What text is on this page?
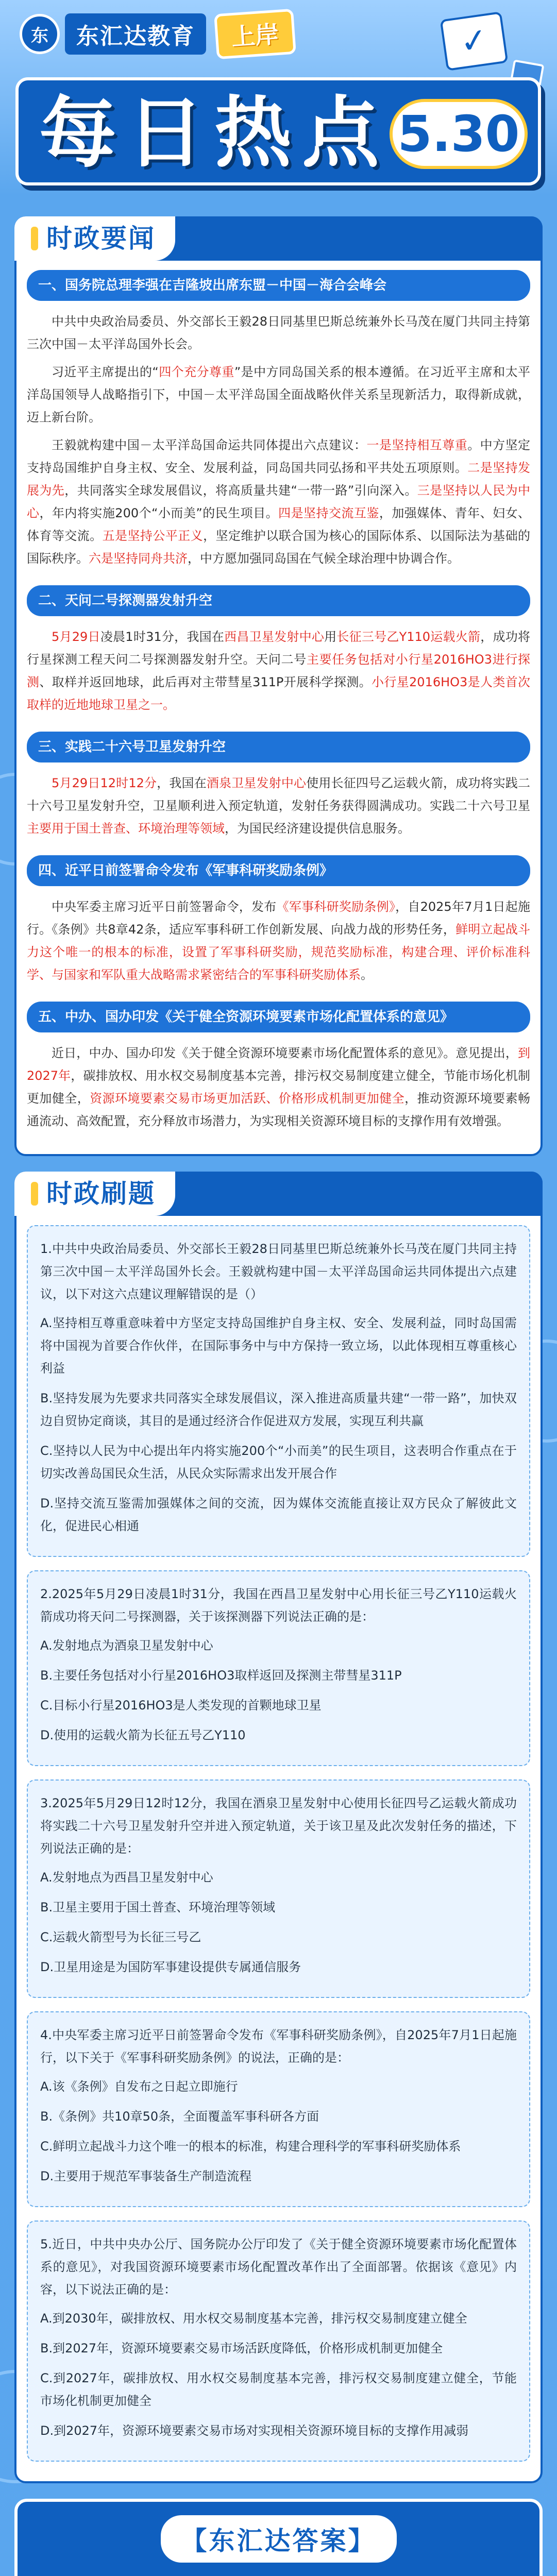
东	东汇达教育	上岸	✓
每日热点 5.30
时政要闻
一、国务院总理李强在吉隆坡出席东盟－中国－海合会峰会
中共中央政治局委员、外交部长王毅28日同基里巴斯总统兼外长马茂在厦门共同主持第三次中国－太平洋岛国外长会。
习近平主席提出的“四个充分尊重”是中方同岛国关系的根本遵循。在习近平主席和太平洋岛国领导人战略指引下，中国－太平洋岛国全面战略伙伴关系呈现新活力，取得新成就，迈上新台阶。
王毅就构建中国－太平洋岛国命运共同体提出六点建议：一是坚持相互尊重。中方坚定支持岛国维护自身主权、安全、发展利益，同岛国共同弘扬和平共处五项原则。二是坚持发展为先，共同落实全球发展倡议，将高质量共建“一带一路”引向深入。三是坚持以人民为中心，年内将实施200个“小而美”的民生项目。四是坚持交流互鉴，加强媒体、青年、妇女、体育等交流。五是坚持公平正义，坚定维护以联合国为核心的国际体系、以国际法为基础的国际秩序。六是坚持同舟共济，中方愿加强同岛国在气候全球治理中协调合作。
二、天问二号探测器发射升空
5月29日凌晨1时31分，我国在西昌卫星发射中心用长征三号乙Y110运载火箭，成功将行星探测工程天问二号探测器发射升空。天问二号主要任务包括对小行星2016HO3进行探测、取样并返回地球，此后再对主带彗星311P开展科学探测。小行星2016HO3是人类首次取样的近地地球卫星之一。
三、实践二十六号卫星发射升空
5月29日12时12分，我国在酒泉卫星发射中心使用长征四号乙运载火箭，成功将实践二十六号卫星发射升空，卫星顺利进入预定轨道，发射任务获得圆满成功。实践二十六号卫星主要用于国土普查、环境治理等领域，为国民经济建设提供信息服务。
四、近平日前签署命令发布《军事科研奖励条例》
中央军委主席习近平日前签署命令，发布《军事科研奖励条例》，自2025年7月1日起施行。《条例》共8章42条，适应军事科研工作创新发展、向战力战的形势任务，鲜明立起战斗力这个唯一的根本的标准，设置了军事科研奖励，规范奖励标准，构建合理、评价标准科学、与国家和军队重大战略需求紧密结合的军事科研奖励体系。
五、中办、国办印发《关于健全资源环境要素市场化配置体系的意见》
近日，中办、国办印发《关于健全资源环境要素市场化配置体系的意见》。意见提出，到2027年，碳排放权、用水权交易制度基本完善，排污权交易制度建立健全，节能市场化机制更加健全，资源环境要素交易市场更加活跃、价格形成机制更加健全，推动资源环境要素畅通流动、高效配置，充分释放市场潜力，为实现相关资源环境目标的支撑作用有效增强。
时政刷题
1.中共中央政治局委员、外交部长王毅28日同基里巴斯总统兼外长马茂在厦门共同主持第三次中国－太平洋岛国外长会。王毅就构建中国－太平洋岛国命运共同体提出六点建议，以下对这六点建议理解错误的是（）
A.坚持相互尊重意味着中方坚定支持岛国维护自身主权、安全、发展利益，同时岛国需将中国视为首要合作伙伴，在国际事务中与中方保持一致立场，以此体现相互尊重核心利益
B.坚持发展为先要求共同落实全球发展倡议，深入推进高质量共建“一带一路”，加快双边自贸协定商谈，其目的是通过经济合作促进双方发展，实现互利共赢
C.坚持以人民为中心提出年内将实施200个“小而美”的民生项目，这表明合作重点在于切实改善岛国民众生活，从民众实际需求出发开展合作
D.坚持交流互鉴需加强媒体之间的交流，因为媒体交流能直接让双方民众了解彼此文化，促进民心相通
2.2025年5月29日凌晨1时31分，我国在西昌卫星发射中心用长征三号乙Y110运载火箭成功将天问二号探测器，关于该探测器下列说法正确的是：
A.发射地点为酒泉卫星发射中心
B.主要任务包括对小行星2016HO3取样返回及探测主带彗星311P
C.目标小行星2016HO3是人类发现的首颗地球卫星
D.使用的运载火箭为长征五号乙Y110
3.2025年5月29日12时12分，我国在酒泉卫星发射中心使用长征四号乙运载火箭成功将实践二十六号卫星发射升空并进入预定轨道，关于该卫星及此次发射任务的描述，下列说法正确的是：
A.发射地点为西昌卫星发射中心
B.卫星主要用于国土普查、环境治理等领域
C.运载火箭型号为长征三号乙
D.卫星用途是为国防军事建设提供专属通信服务
4.中央军委主席习近平日前签署命令发布《军事科研奖励条例》，自2025年7月1日起施行，以下关于《军事科研奖励条例》的说法，正确的是：
A.该《条例》自发布之日起立即施行
B.《条例》共10章50条，全面覆盖军事科研各方面
C.鲜明立起战斗力这个唯一的根本的标准，构建合理科学的军事科研奖励体系
D.主要用于规范军事装备生产制造流程
5.近日，中共中央办公厅、国务院办公厅印发了《关于健全资源环境要素市场化配置体系的意见》，对我国资源环境要素市场化配置改革作出了全面部署。依据该《意见》内容，以下说法正确的是：
A.到2030年，碳排放权、用水权交易制度基本完善，排污权交易制度建立健全
B.到2027年，资源环境要素交易市场活跃度降低，价格形成机制更加健全
C.到2027年，碳排放权、用水权交易制度基本完善，排污权交易制度建立健全，节能市场化机制更加健全
D.到2027年，资源环境要素交易市场对实现相关资源环境目标的支撑作用减弱
【东汇达答案】
